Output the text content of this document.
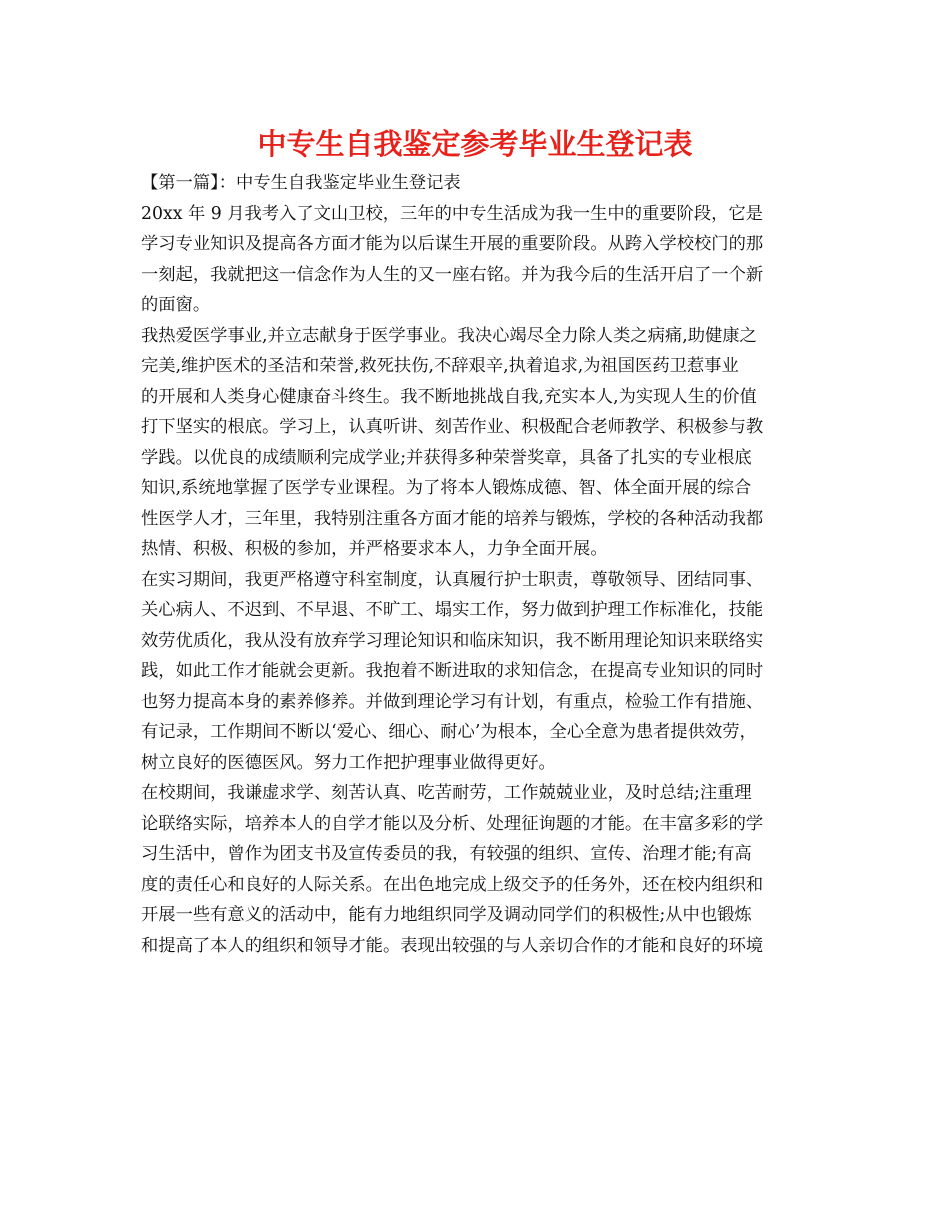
中专生自我鉴定参考毕业生登记表
【第一篇】：中专生自我鉴定毕业生登记表
20xx 年 9 月我考入了文山卫校，三年的中专生活成为我一生中的重要阶段，它是
学习专业知识及提高各方面才能为以后谋生开展的重要阶段。从跨入学校校门的那
一刻起，我就把这一信念作为人生的又一座右铭。并为我今后的生活开启了一个新
的面窗。
我热爱医学事业,并立志献身于医学事业。我决心竭尽全力除人类之病痛,助健康之
完美,维护医术的圣洁和荣誉,救死扶伤,不辞艰辛,执着追求,为祖国医药卫惹事业
的开展和人类身心健康奋斗终生。我不断地挑战自我,充实本人,为实现人生的价值
打下坚实的根底。学习上，认真听讲、刻苦作业、积极配合老师教学、积极参与教
学践。以优良的成绩顺利完成学业;并获得多种荣誉奖章，具备了扎实的专业根底
知识,系统地掌握了医学专业课程。为了将本人锻炼成德、智、体全面开展的综合
性医学人才，三年里，我特别注重各方面才能的培养与锻炼，学校的各种活动我都
热情、积极、积极的参加，并严格要求本人，力争全面开展。
在实习期间，我更严格遵守科室制度，认真履行护士职责，尊敬领导、团结同事、
关心病人、不迟到、不早退、不旷工、塌实工作，努力做到护理工作标准化，技能
效劳优质化，我从没有放弃学习理论知识和临床知识，我不断用理论知识来联络实
践，如此工作才能就会更新。我抱着不断进取的求知信念，在提高专业知识的同时
也努力提高本身的素养修养。并做到理论学习有计划，有重点，检验工作有措施、
有记录，工作期间不断以‘爱心、细心、耐心’为根本，全心全意为患者提供效劳，
树立良好的医德医风。努力工作把护理事业做得更好。
在校期间，我谦虚求学、刻苦认真、吃苦耐劳，工作兢兢业业，及时总结;注重理
论联络实际，培养本人的自学才能以及分析、处理征询题的才能。在丰富多彩的学
习生活中，曾作为团支书及宣传委员的我，有较强的组织、宣传、治理才能;有高
度的责任心和良好的人际关系。在出色地完成上级交予的任务外，还在校内组织和
开展一些有意义的活动中，能有力地组织同学及调动同学们的积极性;从中也锻炼
和提高了本人的组织和领导才能。表现出较强的与人亲切合作的才能和良好的环境
